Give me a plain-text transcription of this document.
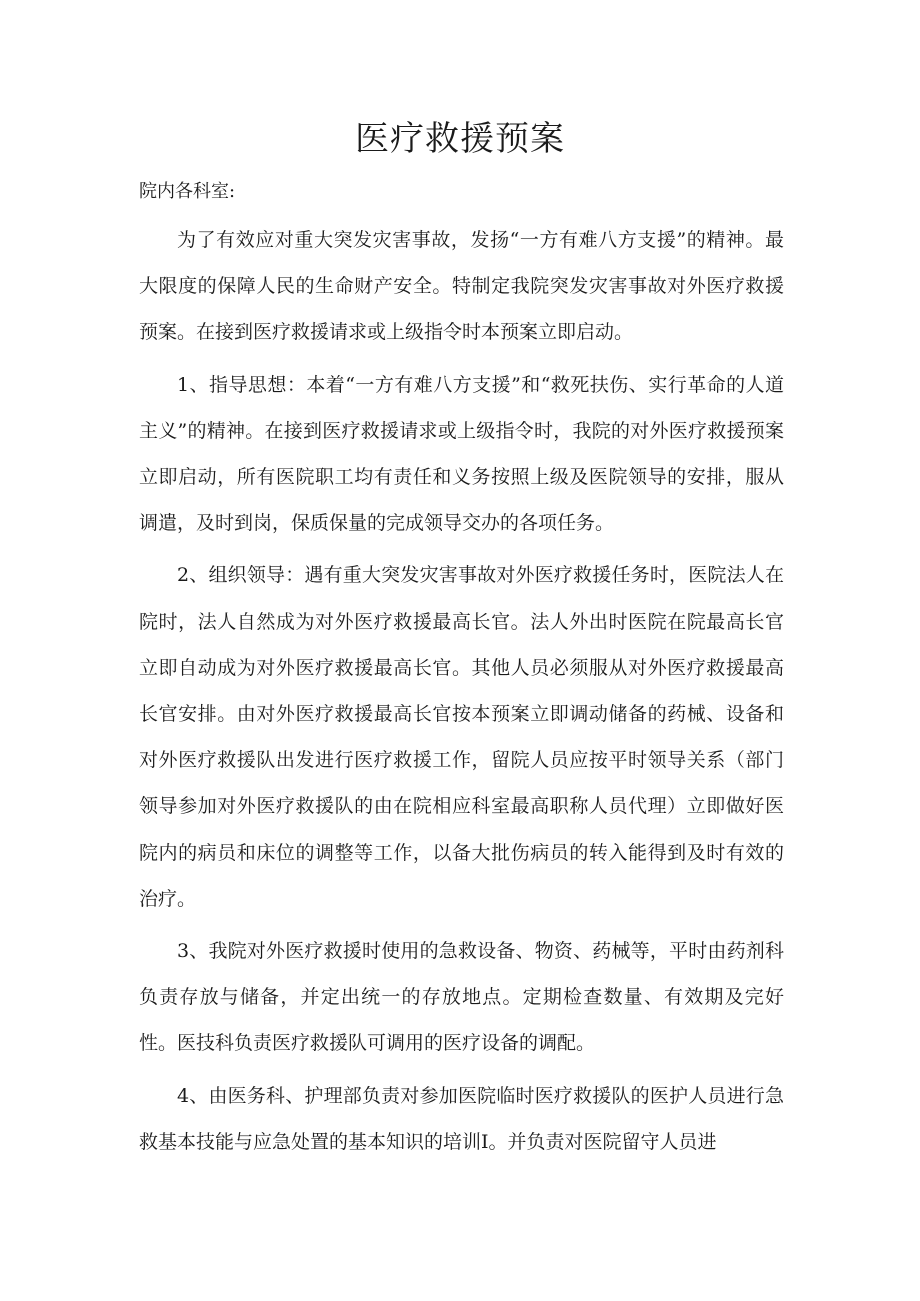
医疗救援预案

院内各科室:

为了有效应对重大突发灾害事故，发扬“一方有难八方支援”的精神。最大限度的保障人民的生命财产安全。特制定我院突发灾害事故对外医疗救援预案。在接到医疗救援请求或上级指令时本预案立即启动。

1、指导思想：本着“一方有难八方支援”和“救死扶伤、实行革命的人道主义”的精神。在接到医疗救援请求或上级指令时，我院的对外医疗救援预案立即启动，所有医院职工均有责任和义务按照上级及医院领导的安排，服从调遣，及时到岗，保质保量的完成领导交办的各项任务。

2、组织领导：遇有重大突发灾害事故对外医疗救援任务时，医院法人在院时，法人自然成为对外医疗救援最高长官。法人外出时医院在院最高长官立即自动成为对外医疗救援最高长官。其他人员必须服从对外医疗救援最高长官安排。由对外医疗救援最高长官按本预案立即调动储备的药械、设备和对外医疗救援队出发进行医疗救援工作，留院人员应按平时领导关系（部门领导参加对外医疗救援队的由在院相应科室最高职称人员代理）立即做好医院内的病员和床位的调整等工作，以备大批伤病员的转入能得到及时有效的治疗。

3、我院对外医疗救援时使用的急救设备、物资、药械等，平时由药剂科负责存放与储备，并定出统一的存放地点。定期检查数量、有效期及完好性。医技科负责医疗救援队可调用的医疗设备的调配。

4、由医务科、护理部负责对参加医院临时医疗救援队的医护人员进行急救基本技能与应急处置的基本知识的培训I。并负责对医院留守人员进
